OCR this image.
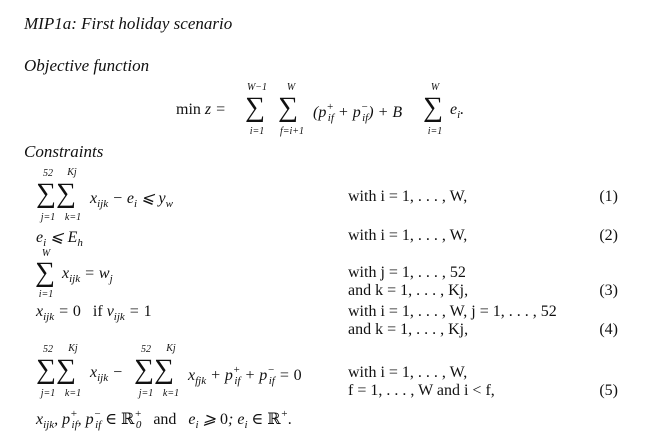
MIP1a: First holiday scenario
Objective function
min z =
W−1
∑
i=1
W
∑
f=i+1
$(p^+_{if} + p^-_{if}) + B$
W
∑
i=1
$e_i$.
Constraints
52	Kj
∑∑
j=1 k=1
$x_{ijk} - e_i$ ⩽ $y_w$	with i = 1, . . . , W,	(1)
$e_i$ ⩽ $E_h$	with i = 1, . . . , W,	(2)
W
∑
i=1
$x_{ijk} = w_j$	with j = 1, . . . , 52
and k = 1, . . . , Kj,	(3)
$x_{ijk} = 0$ if $v_{ijk} = 1$	with i = 1, . . . , W, j = 1, . . . , 52
and k = 1, . . . , Kj,	(4)
52	Kj
∑∑
j=1 k=1
$x_{ijk}$ −
52	Kj
∑∑
j=1 k=1
$x_{fjk} + p^+_{if} + p^-_{if} = 0$	with i = 1, . . . , W,
f = 1, . . . , W and i < f,	(5)
$x_{ijk}$, $p^+_{if}$, $p^-_{if}$ ∈ ℝ+$_0$ and $e_i$ ⩾ 0; $e_i$ ∈ ℝ+.
